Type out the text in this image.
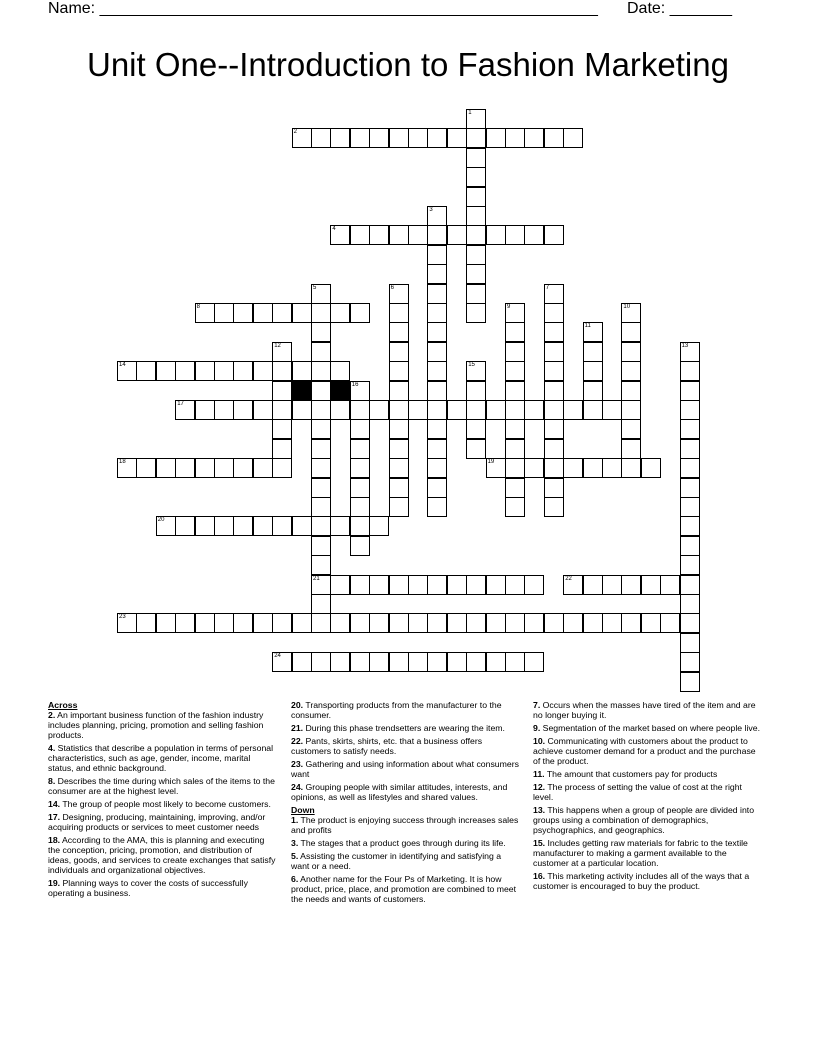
Name: ________________________________________________________ Date: _______
Unit One--Introduction to Fashion Marketing
2
4
8
14
17
18	19
20
21	22
23
24
1
3
5	6	7
9	10
11
12	13
15
16
Across
2. An important business function of the fashion industry includes planning, pricing, promotion and selling fashion products.
4. Statistics that describe a population in terms of personal characteristics, such as age, gender, income, marital status, and ethnic background.
8. Describes the time during which sales of the items to the consumer are at the highest level.
14. The group of people most likely to become customers.
17. Designing, producing, maintaining, improving, and/or acquiring products or services to meet customer needs
18. According to the AMA, this is planning and executing the conception, pricing, promotion, and distribution of ideas, goods, and services to create exchanges that satisfy individuals and organizational objectives.
19. Planning ways to cover the costs of successfully operating a business.
20. Transporting products from the manufacturer to the consumer.
21. During this phase trendsetters are wearing the item.
22. Pants, skirts, shirts, etc. that a business offers customers to satisfy needs.
23. Gathering and using information about what consumers want
24. Grouping people with similar attitudes, interests, and opinions, as well as lifestyles and shared values.
Down
1. The product is enjoying success through increases sales and profits
3. The stages that a product goes through during its life.
5. Assisting the customer in identifying and satisfying a want or a need.
6. Another name for the Four Ps of Marketing. It is how product, price, place, and promotion are combined to meet the needs and wants of customers.
7. Occurs when the masses have tired of the item and are no longer buying it.
9. Segmentation of the market based on where people live.
10. Communicating with customers about the product to achieve customer demand for a product and the purchase of the product.
11. The amount that customers pay for products
12. The process of setting the value of cost at the right level.
13. This happens when a group of people are divided into groups using a combination of demographics, psychographics, and geographics.
15. Includes getting raw materials for fabric to the textile manufacturer to making a garment available to the customer at a particular location.
16. This marketing activity includes all of the ways that a customer is encouraged to buy the product.
